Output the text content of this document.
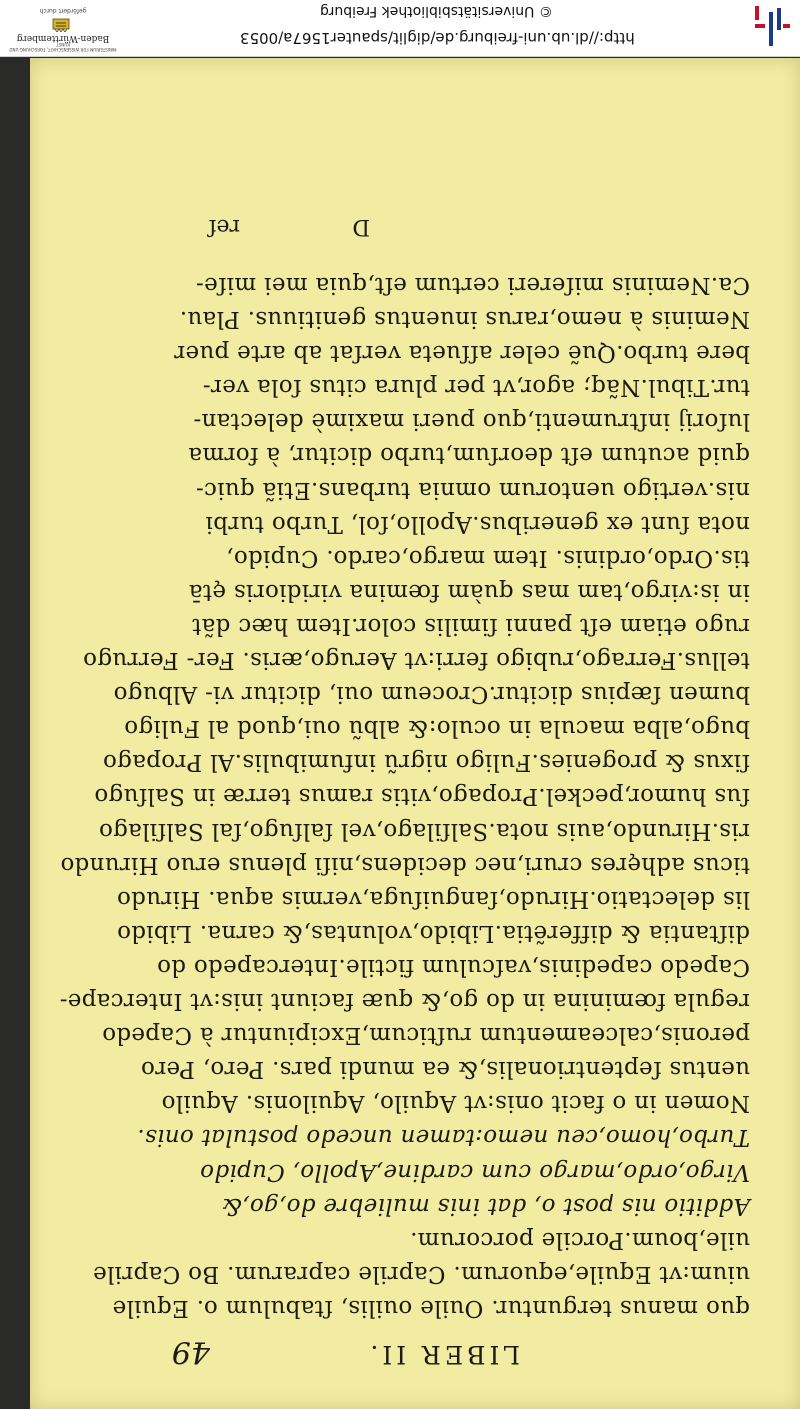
MINISTERIUM FÜR WISSENSCHAFT, FORSCHUNG UND KUNST
Baden-Württemberg
gefördert durch
http://dl.ub.uni-freiburg.de/diglit/spauter1567a/0053
© Universitätsbibliothek Freiburg
LIBER II.
49
quo manus terguntur. Ouile ouilis, ſtabulum o. Equile
uium:vt Equile,equorum. Caprile caprarum. Bo Caprile
uile,boum.Porcile porcorum.
Additio nis post o, dat inis muliebre do,go,&
Virgo,ordo,margo cum cardine,Apollo, Cupido
Turbo,homo,ceu nemo:tamen uncedo postulat onis.
Nomen in o facit onis:vt Aquilo, Aquilonis. Aquilo
uentus ſeptentrionalis,& ea mundi pars. Pero, Pero
peronis,calceamentum ruſticum,Excipiuntur à Capedo
regula fœminina in do go,& quæ faciunt inis:vt Intercape-
Capedo capedinis,vaſculum fictile.Intercapedo do
diſtantia & differẽtia.Libido,voluntas,& carna. Libido
lis delectatio.Hirudo,ſanguiſuga,vermis aqua. Hirudo
ticus adhęres cruri,nec decidens,niſi plenus eruo Hirundo
ris.Hirundo,auis nota.Salſilago,vel ſalſugo,ſal Salſilago
ſus humor,peckel.Propago,vitis ramus terræ in Salſugo
ſixus & progenies.Fuligo nigrũ infumibulis.Al Propago
bugo,alba macula in oculo:& albũ oui,quod al Fuligo
bumen ſæpius dicitur.Croceum oui, dicitur vi- Albugo
tellus.Ferrago,rubigo ferri:vt Aerugo,æris. Fer- Ferrugo
rugo etiam eſt panni ſimilis color.Item hæc dãt
in is:virgo,tam mas quàm fœmina viridioris ętā
tis.Ordo,ordinis. Item margo,cardo. Cupido,
nota ſunt ex generibus.Apollo,ſol, Turbo turbi
nis.vertigo uentorum omnia turbans.Etiã quic-
quid acutum eſt deorſum,turbo dicitur, à forma
luſorij inſtrumenti,quo pueri maximè delectan-
tur.Tibul.Nãq; agor,vt per plura citus ſola ver-
bere turbo.Quẽ celer aſſueta verſat ab arte puer
Neminis à nemo,rarus inuentus genitiuus. Plau.
Ca.Neminis miſereri certum eſt,quia mei miſe-
D
reſ
